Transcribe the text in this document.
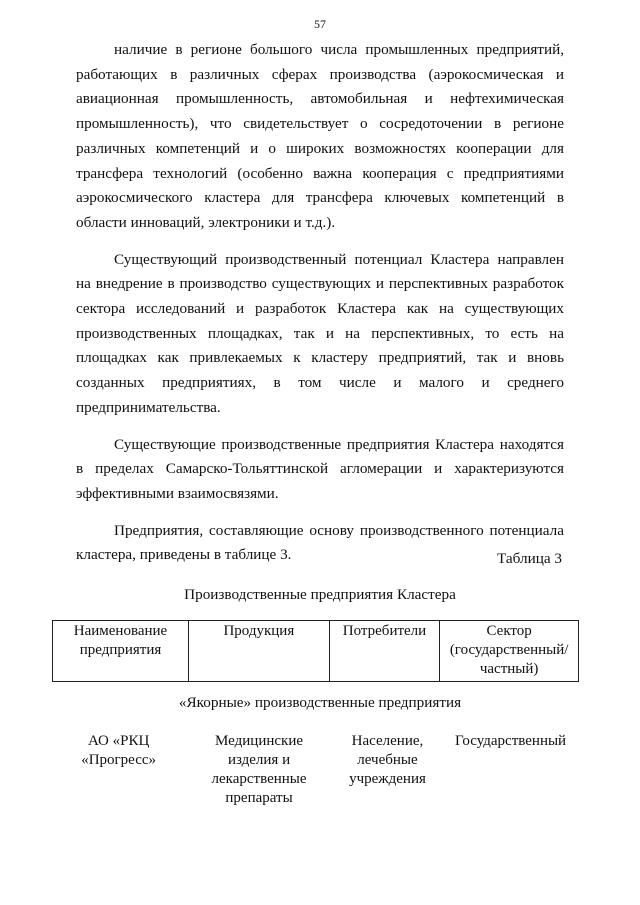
57

наличие в регионе большого числа промышленных предприятий, работающих в различных сферах производства (аэрокосмическая и авиационная промышленность, автомобильная и нефтехимическая промышленность), что свидетельствует о сосредоточении в регионе различных компетенций и о широких возможностях кооперации для трансфера технологий (особенно важна кооперация с предприятиями аэрокосмического кластера для трансфера ключевых компетенций в области инноваций, электроники и т.д.).

Существующий производственный потенциал Кластера направлен на внедрение в производство существующих и перспективных разработок сектора исследований и разработок Кластера как на существующих производственных площадках, так и на перспективных, то есть на площадках как привлекаемых к кластеру предприятий, так и вновь созданных предприятиях, в том числе и малого и среднего предпринимательства.

Существующие производственные предприятия Кластера находятся в пределах Самарско-Тольяттинской агломерации и характеризуются эффективными взаимосвязями.

Предприятия, составляющие основу производственного потенциала кластера, приведены в таблице 3.	Таблица 3
Производственные предприятия Кластера
Наименование предприятия	Продукция	Потребители	Сектор (государственный/ частный)
«Якорные» производственные предприятия
АО «РКЦ «Прогресс»	Медицинские изделия и лекарственные препараты	Население, лечебные учреждения	Государственный
